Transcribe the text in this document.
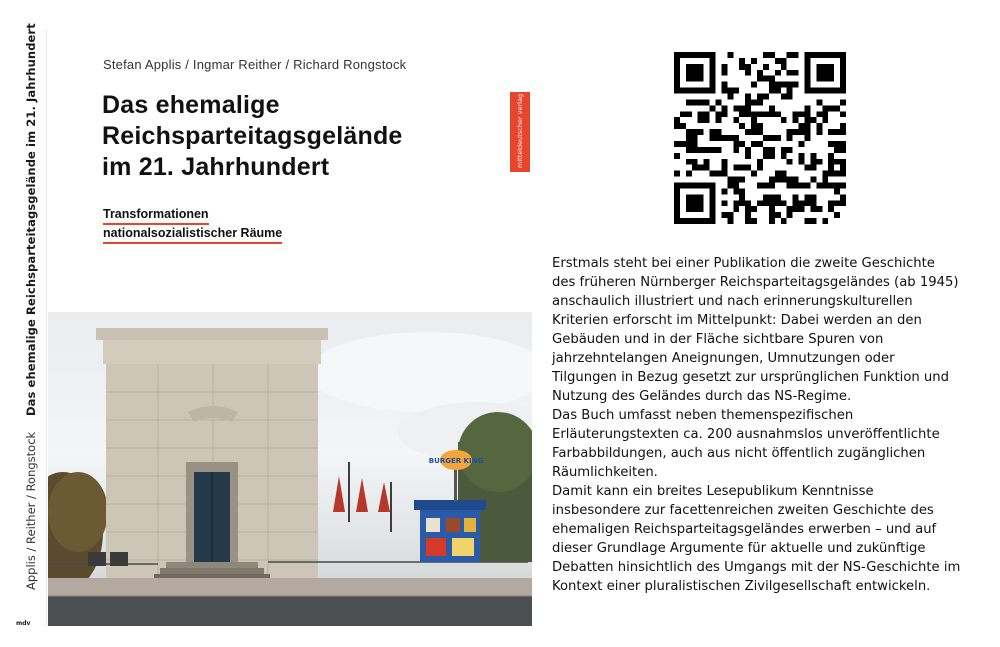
Das ehemalige Reichsparteitagsgelände im 21. Jahrhundert
Applis / Reither / Rongstock
mdv
Stefan Applis / Ingmar Reither / Richard Rongstock
Das ehemalige
Reichsparteitagsgelände
im 21. Jahrhundert
Transformationen
nationalsozialistischer Räume
mitteldeutscher verlag
BURGER KING

Erstmals steht bei einer Publikation die zweite Geschichte

des früheren Nürnberger Reichsparteitagsgeländes (ab 1945)

anschaulich illustriert und nach erinnerungskulturellen

Kriterien erforscht im Mittelpunkt: Dabei werden an den

Gebäuden und in der Fläche sichtbare Spuren von

jahrzehntelangen Aneignungen, Umnutzungen oder

Tilgungen in Bezug gesetzt zur ursprünglichen Funktion und

Nutzung des Geländes durch das NS-Regime.

Das Buch umfasst neben themenspezifischen

Erläuterungstexten ca. 200 ausnahmslos unveröffentlichte

Farbabbildungen, auch aus nicht öffentlich zugänglichen

Räumlichkeiten.

Damit kann ein breites Lesepublikum Kenntnisse

insbesondere zur facettenreichen zweiten Geschichte des

ehemaligen Reichsparteitagsgeländes erwerben – und auf

dieser Grundlage Argumente für aktuelle und zukünftige

Debatten hinsichtlich des Umgangs mit der NS-Geschichte im

Kontext einer pluralistischen Zivilgesellschaft entwickeln.
